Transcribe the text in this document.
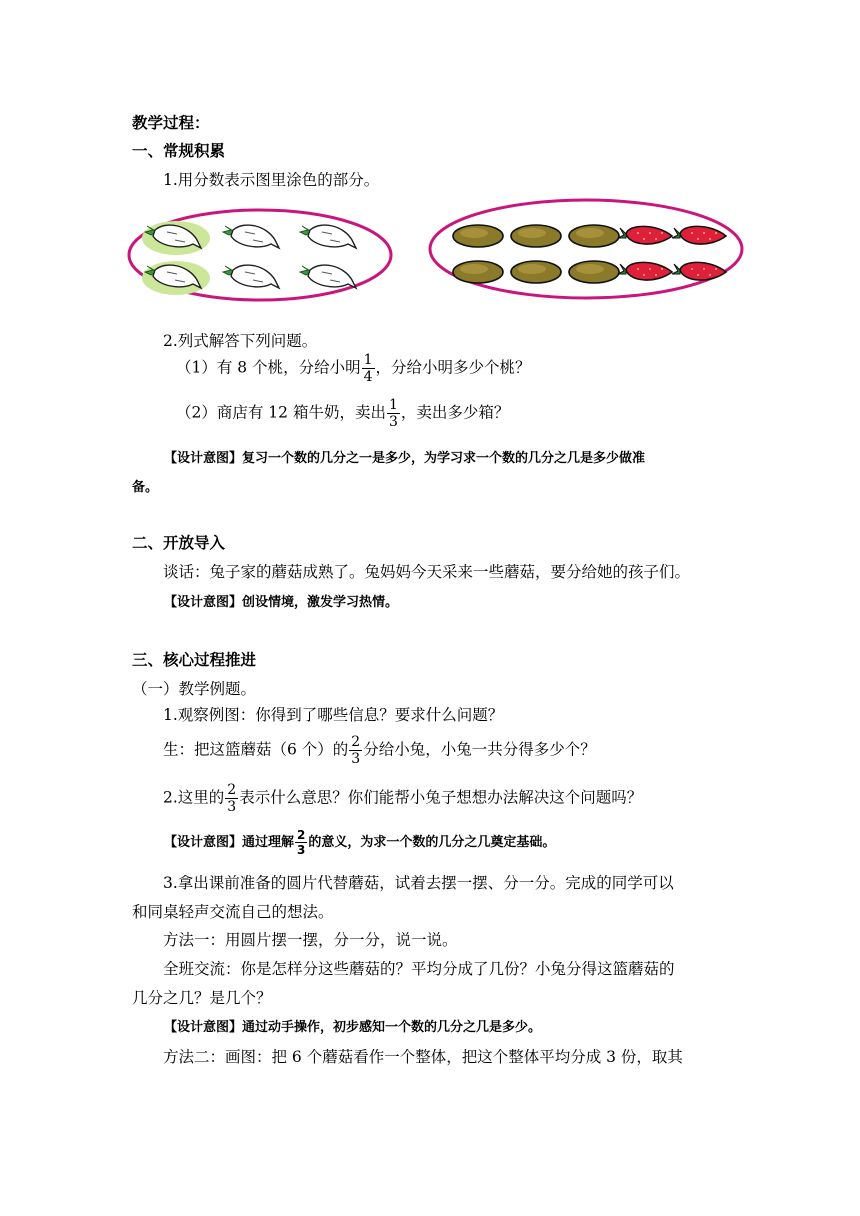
教学过程：
一、常规积累
1.用分数表示图里涂色的部分。
2.列式解答下列问题。
（1）有 8 个桃，分给小明 $\frac{1}{4}$ ，分给小明多少个桃？
（2）商店有 12 箱牛奶，卖出 $\frac{1}{3}$ ，卖出多少箱？
【设计意图】复习一个数的几分之一是多少，为学习求一个数的几分之几是多少做准
备。
二、开放导入
谈话：兔子家的蘑菇成熟了。兔妈妈今天采来一些蘑菇，要分给她的孩子们。
【设计意图】创设情境，激发学习热情。
三、核心过程推进
（一）教学例题。
1.观察例图：你得到了哪些信息？要求什么问题？
生：把这篮蘑菇（6 个）的 $\frac{2}{3}$ 分给小兔，小兔一共分得多少个？
2.这里的 $\frac{2}{3}$ 表示什么意思？你们能帮小兔子想想办法解决这个问题吗？
【设计意图】通过理解 $\frac{2}{3}$ 的意义，为求一个数的几分之几奠定基础。
3.拿出课前准备的圆片代替蘑菇，试着去摆一摆、分一分。完成的同学可以
和同桌轻声交流自己的想法。
方法一：用圆片摆一摆，分一分，说一说。
全班交流：你是怎样分这些蘑菇的？平均分成了几份？小兔分得这篮蘑菇的
几分之几？是几个？
【设计意图】通过动手操作，初步感知一个数的几分之几是多少。
方法二：画图：把 6 个蘑菇看作一个整体，把这个整体平均分成 3 份，取其
